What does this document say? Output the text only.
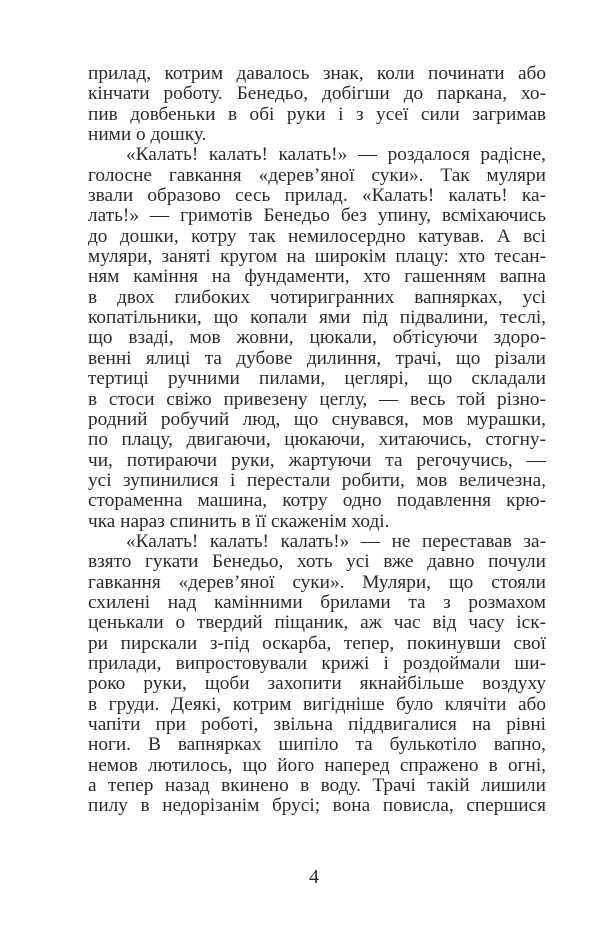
прилад, котрим давалось знак, коли починати або
кінчати роботу. Бенедьо, добігши до паркана, хо-
пив довбеньки в обі руки і з усеї сили загримав
ними о дошку.
«Калать! калать! калать!» — роздалося радісне,
голосне гавкання «дерев’яної суки». Так муляри
звали образово сесь прилад. «Калать! калать! ка-
лать!» — гримотів Бенедьо без упину, всміхаючись
до дошки, котру так немилосердно катував. А всі
муляри, заняті кругом на широкім плацу: хто тесан-
ням каміння на фундаменти, хто гашенням вапна
в двох глибоких чотиригранних вапнярках, усі
копатільники, що копали ями під підвалини, теслі,
що взаді, мов жовни, цюкали, обтісуючи здоро-
венні ялиці та дубове дилиння, трачі, що різали
тертиці ручними пилами, цеглярі, що складали
в стоси свіжо привезену цеглу, — весь той різно-
родний робучий люд, що снувався, мов мурашки,
по плацу, двигаючи, цюкаючи, хитаючись, стогну-
чи, потираючи руки, жартуючи та регочучись, —
усі зупинилися і перестали робити, мов величезна,
стораменна машина, котру одно подавлення крю-
чка нараз спинить в її скаженім ході.
«Калать! калать! калать!» — не переставав за-
взято гукати Бенедьо, хоть усі вже давно почули
гавкання «дерев’яної суки». Муляри, що стояли
схилені над камінними брилами та з розмахом
ценькали о твердий піщаник, аж час від часу іск-
ри пирскали з-під оскарба, тепер, покинувши свої
прилади, випростовували крижі і роздоймали ши-
роко руки, щоби захопити якнайбільше воздуху
в груди. Деякі, котрим вигідніше було клячіти або
чапіти при роботі, звільна піддвигалися на рівні
ноги. В вапнярках шипіло та булькотіло вапно,
немов лютилось, що його наперед спражено в огні,
а тепер назад вкинено в воду. Трачі такій лишили
пилу в недорізанім брусі; вона повисла, спершися
4
